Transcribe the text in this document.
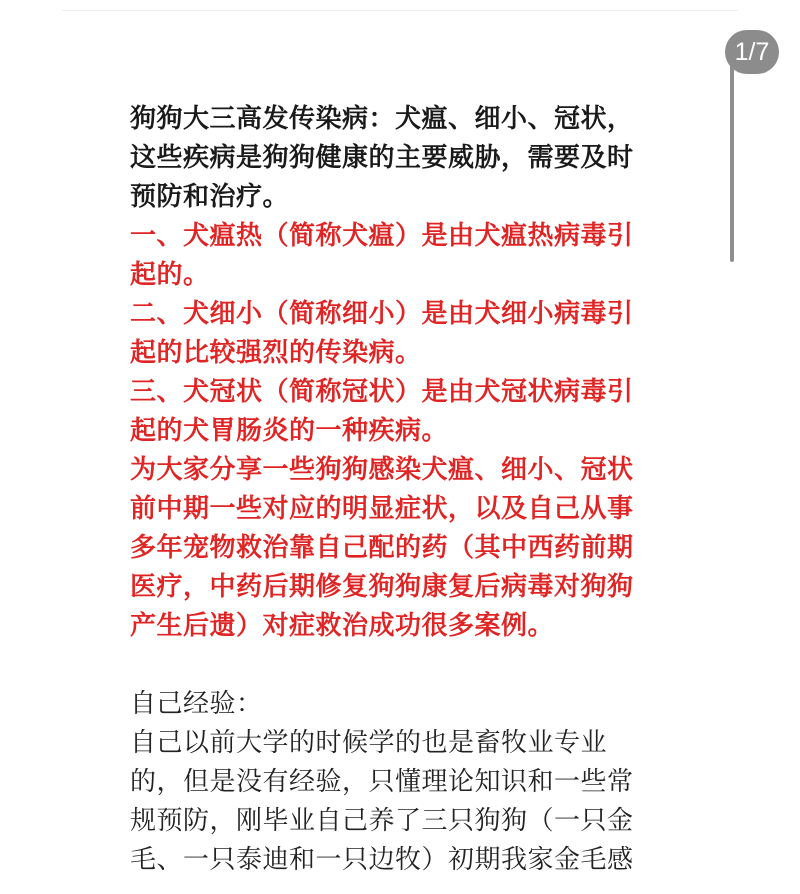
1/7

狗狗大三高发传染病：犬瘟、细小、冠状，
这些疾病是狗狗健康的主要威胁，需要及时
预防和治疗。

一、犬瘟热（简称犬瘟）是由犬瘟热病毒引
起的。
二、犬细小（简称细小）是由犬细小病毒引
起的比较强烈的传染病。
三、犬冠状（简称冠状）是由犬冠状病毒引
起的犬胃肠炎的一种疾病。
为大家分享一些狗狗感染犬瘟、细小、冠状
前中期一些对应的明显症状，以及自己从事
多年宠物救治靠自己配的药（其中西药前期
医疗，中药后期修复狗狗康复后病毒对狗狗
产生后遗）对症救治成功很多案例。

自己经验：
自己以前大学的时候学的也是畜牧业专业
的，但是没有经验，只懂理论知识和一些常
规预防，刚毕业自己养了三只狗狗（一只金
毛、一只泰迪和一只边牧）初期我家金毛感
